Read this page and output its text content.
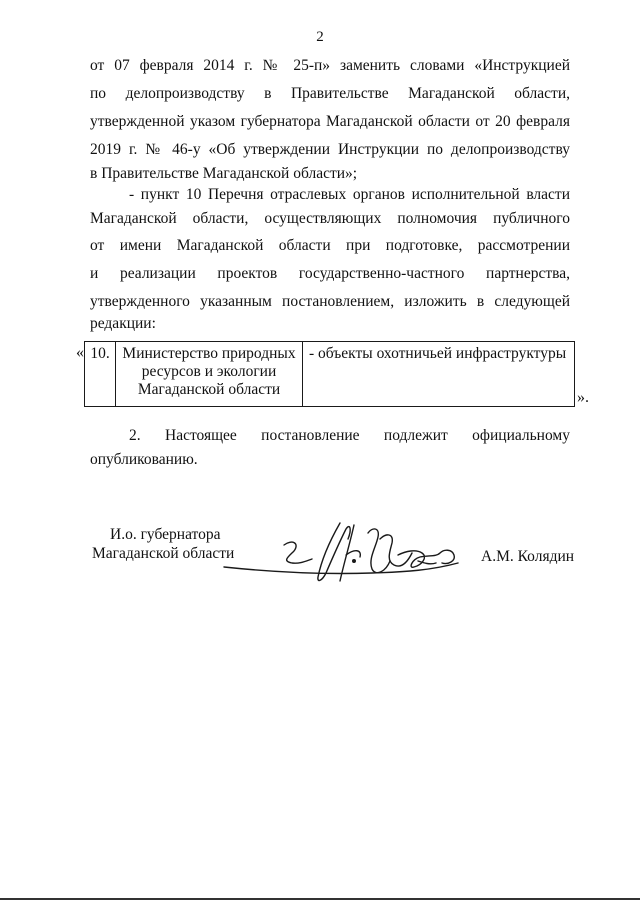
2
от 07 февраля 2014 г. № 25-п» заменить словами «Инструкцией
по делопроизводству в Правительстве Магаданской области,
утвержденной указом губернатора Магаданской области от 20 февраля
2019 г. № 46-у «Об утверждении Инструкции по делопроизводству
в Правительстве Магаданской области»;
- пункт 10 Перечня отраслевых органов исполнительной власти
Магаданской области, осуществляющих полномочия публичного
от имени Магаданской области при подготовке, рассмотрении
и реализации проектов государственно-частного партнерства,
утвержденного указанным постановлением, изложить в следующей
редакции:
« 10.	Министерство природных ресурсов и экологии Магаданской области	- объекты охотничьей инфраструктуры
».
2. Настоящее постановление подлежит официальному
опубликованию.
И.о. губернатора
Магаданской области	А.М. Колядин
